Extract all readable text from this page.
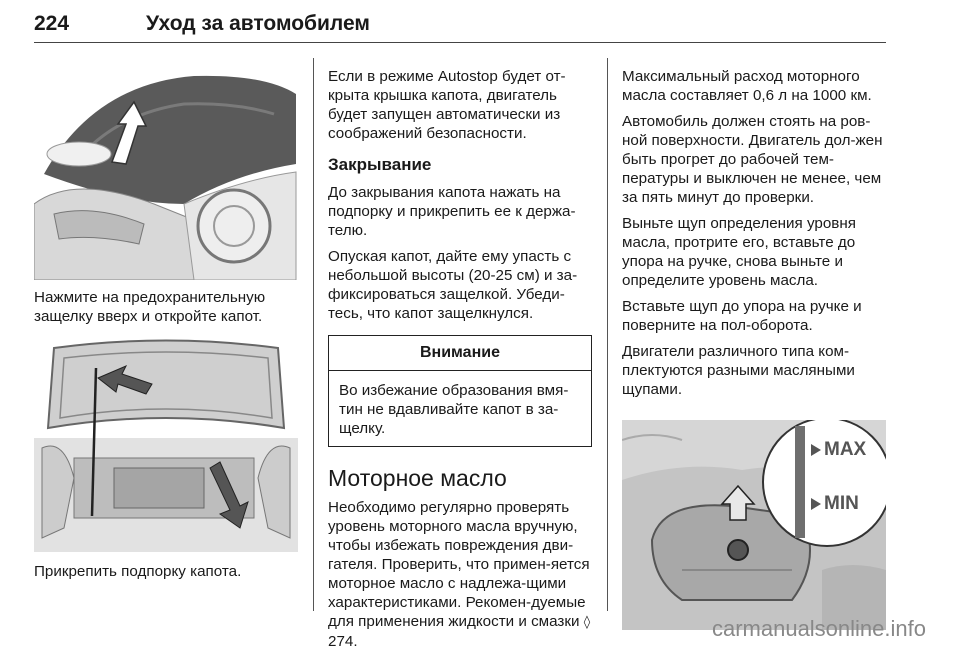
224	Уход за автомобилем

Нажмите на предохранительную защелку вверх и откройте капот.

Прикрепить подпорку капота.

Если в режиме Autostop будет от-крыта крышка капота, двигатель будет запущен автоматически из соображений безопасности.

Закрывание

До закрывания капота нажать на подпорку и прикрепить ее к держа-телю.

Опуская капот, дайте ему упасть с небольшой высоты (20-25 см) и за-фиксироваться защелкой. Убеди-тесь, что капот защелкнулся.

Внимание
Во избежание образования вмя-тин не вдавливайте капот в за-щелку.
Моторное масло

Необходимо регулярно проверять уровень моторного масла вручную, чтобы избежать повреждения дви-гателя. Проверить, что примен-яется моторное масло с надлежа-щими характеристиками. Рекомен-дуемые для применения жидкости и смазки ◊ 274.

Максимальный расход моторного масла составляет 0,6 л на 1000 км.

Автомобиль должен стоять на ров-ной поверхности. Двигатель дол-жен быть прогрет до рабочей тем-пературы и выключен не менее, чем за пять минут до проверки.

Выньте щуп определения уровня масла, протрите его, вставьте до упора на ручке, снова выньте и определите уровень масла.

Вставьте щуп до упора на ручке и поверните на пол-оборота.

Двигатели различного типа ком-плектуются разными масляными щупами.

MAX
MIN
carmanualsonline.info
